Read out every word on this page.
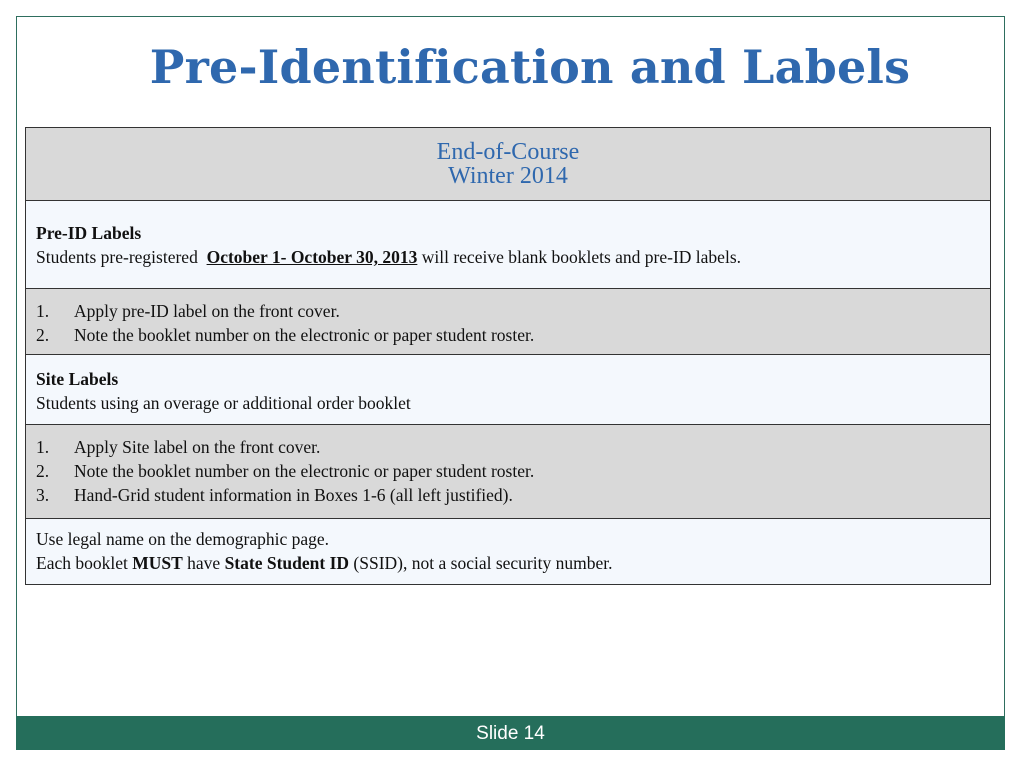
Pre-Identification and Labels
End-of-Course
Winter 2014

Pre-ID Labels
Students pre-registered October 1- October 30, 2013 will receive blank booklets and pre-ID labels.

1. Apply pre-ID label on the front cover.
2. Note the booklet number on the electronic or paper student roster.

Site Labels
Students using an overage or additional order booklet

1. Apply Site label on the front cover.
2. Note the booklet number on the electronic or paper student roster.
3. Hand-Grid student information in Boxes 1-6 (all left justified).

Use legal name on the demographic page.
Each booklet MUST have State Student ID (SSID), not a social security number.
Slide 14
